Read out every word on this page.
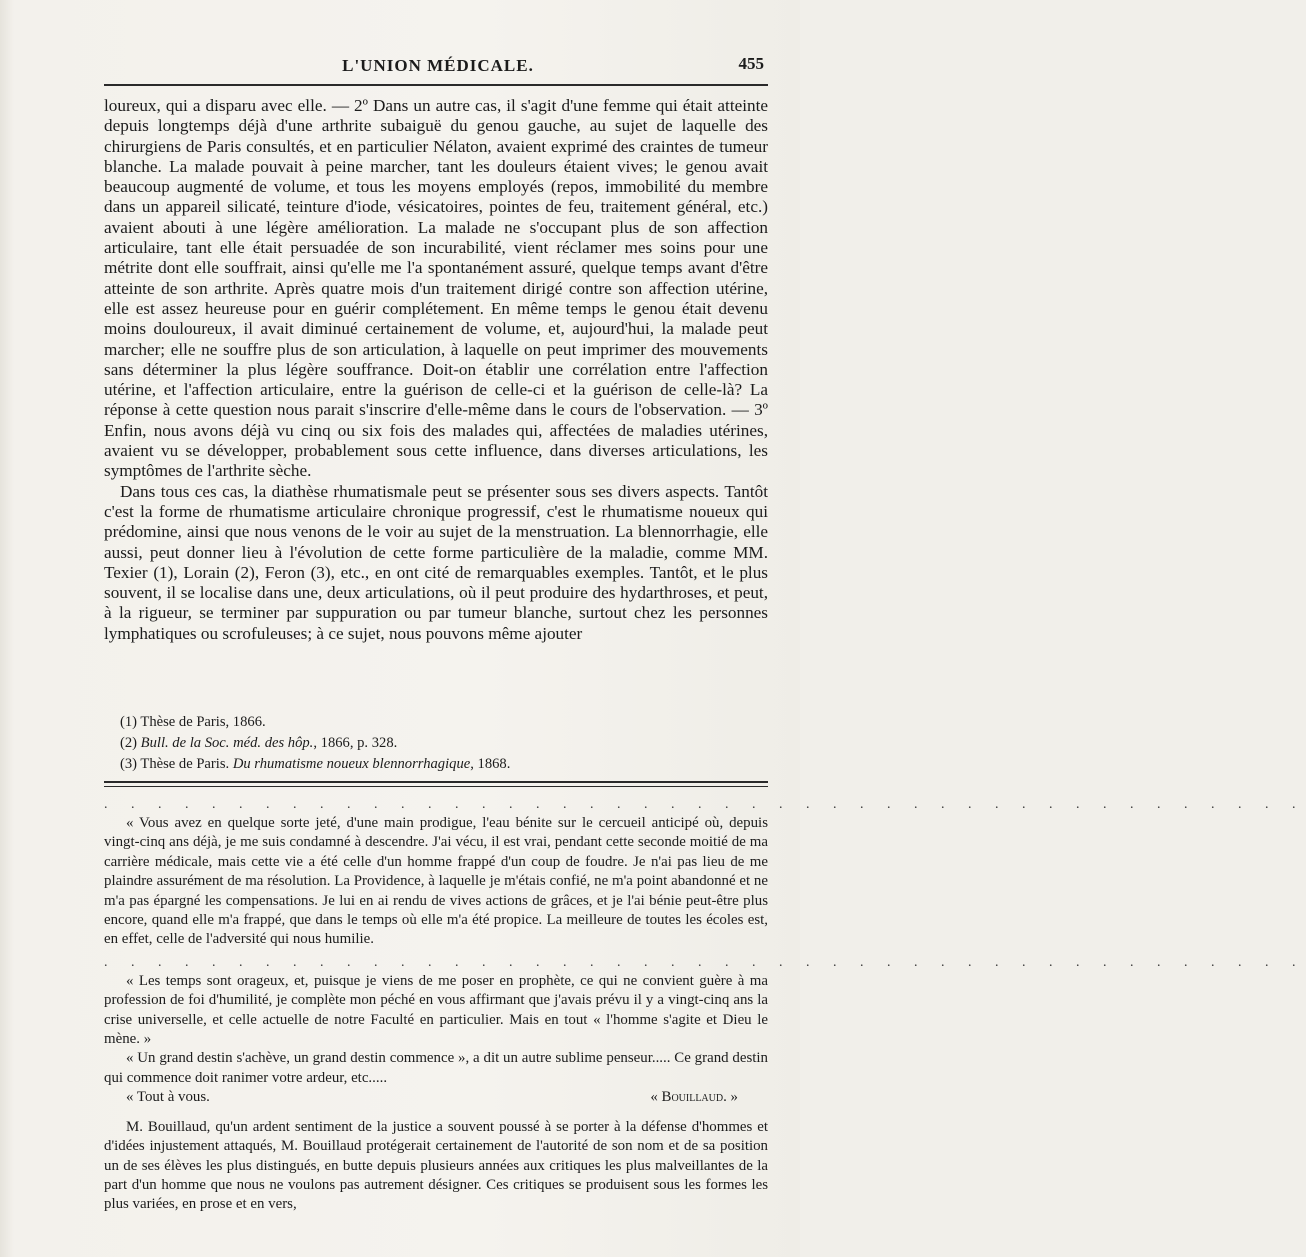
L'UNION MÉDICALE.	455

loureux, qui a disparu avec elle. — 2º Dans un autre cas, il s'agit d'une femme qui était atteinte depuis longtemps déjà d'une arthrite subaiguë du genou gauche, au sujet de laquelle des chirurgiens de Paris consultés, et en particulier Nélaton, avaient exprimé des craintes de tumeur blanche. La malade pouvait à peine marcher, tant les douleurs étaient vives; le genou avait beaucoup augmenté de volume, et tous les moyens employés (repos, immobilité du membre dans un appareil silicaté, teinture d'iode, vésicatoires, pointes de feu, traitement général, etc.) avaient abouti à une légère amélioration. La malade ne s'occupant plus de son affection articulaire, tant elle était persuadée de son incurabilité, vient réclamer mes soins pour une métrite dont elle souffrait, ainsi qu'elle me l'a spontanément assuré, quelque temps avant d'être atteinte de son arthrite. Après quatre mois d'un traitement dirigé contre son affection utérine, elle est assez heureuse pour en guérir complétement. En même temps le genou était devenu moins douloureux, il avait diminué certainement de volume, et, aujourd'hui, la malade peut marcher; elle ne souffre plus de son articulation, à laquelle on peut imprimer des mouvements sans déterminer la plus légère souffrance. Doit-on établir une corrélation entre l'affection utérine, et l'affection articulaire, entre la guérison de celle-ci et la guérison de celle-là? La réponse à cette question nous parait s'inscrire d'elle-même dans le cours de l'observation. — 3º Enfin, nous avons déjà vu cinq ou six fois des malades qui, affectées de maladies utérines, avaient vu se développer, probablement sous cette influence, dans diverses articulations, les symptômes de l'arthrite sèche.

Dans tous ces cas, la diathèse rhumatismale peut se présenter sous ses divers aspects. Tantôt c'est la forme de rhumatisme articulaire chronique progressif, c'est le rhumatisme noueux qui prédomine, ainsi que nous venons de le voir au sujet de la menstruation. La blennorrhagie, elle aussi, peut donner lieu à l'évolution de cette forme particulière de la maladie, comme MM. Texier (1), Lorain (2), Feron (3), etc., en ont cité de remarquables exemples. Tantôt, et le plus souvent, il se localise dans une, deux articulations, où il peut produire des hydarthroses, et peut, à la rigueur, se terminer par suppuration ou par tumeur blanche, surtout chez les personnes lymphatiques ou scrofuleuses; à ce sujet, nous pouvons même ajouter

(1) Thèse de Paris, 1866.
(2) Bull. de la Soc. méd. des hôp., 1866, p. 328.
(3) Thèse de Paris. Du rhumatisme noueux blennorrhagique, 1868.
. . . . . . . . . . . . . . . . . . . . . . . . . . . . . . . . . . . . . . . . . . . . .

« Vous avez en quelque sorte jeté, d'une main prodigue, l'eau bénite sur le cercueil anticipé où, depuis vingt-cinq ans déjà, je me suis condamné à descendre. J'ai vécu, il est vrai, pendant cette seconde moitié de ma carrière médicale, mais cette vie a été celle d'un homme frappé d'un coup de foudre. Je n'ai pas lieu de me plaindre assurément de ma résolution. La Providence, à laquelle je m'étais confié, ne m'a point abandonné et ne m'a pas épargné les compensations. Je lui en ai rendu de vives actions de grâces, et je l'ai bénie peut-être plus encore, quand elle m'a frappé, que dans le temps où elle m'a été propice. La meilleure de toutes les écoles est, en effet, celle de l'adversité qui nous humilie.

. . . . . . . . . . . . . . . . . . . . . . . . . . . . . . . . . . . . . . . . . . . . .

« Les temps sont orageux, et, puisque je viens de me poser en prophète, ce qui ne convient guère à ma profession de foi d'humilité, je complète mon péché en vous affirmant que j'avais prévu il y a vingt-cinq ans la crise universelle, et celle actuelle de notre Faculté en particulier. Mais en tout « l'homme s'agite et Dieu le mène. »

« Un grand destin s'achève, un grand destin commence », a dit un autre sublime penseur..... Ce grand destin qui commence doit ranimer votre ardeur, etc.....

« Tout à vous.	« Bouillaud. »

M. Bouillaud, qu'un ardent sentiment de la justice a souvent poussé à se porter à la défense d'hommes et d'idées injustement attaqués, M. Bouillaud protégerait certainement de l'autorité de son nom et de sa position un de ses élèves les plus distingués, en butte depuis plusieurs années aux critiques les plus malveillantes de la part d'un homme que nous ne voulons pas autrement désigner. Ces critiques se produisent sous les formes les plus variées, en prose et en vers,
